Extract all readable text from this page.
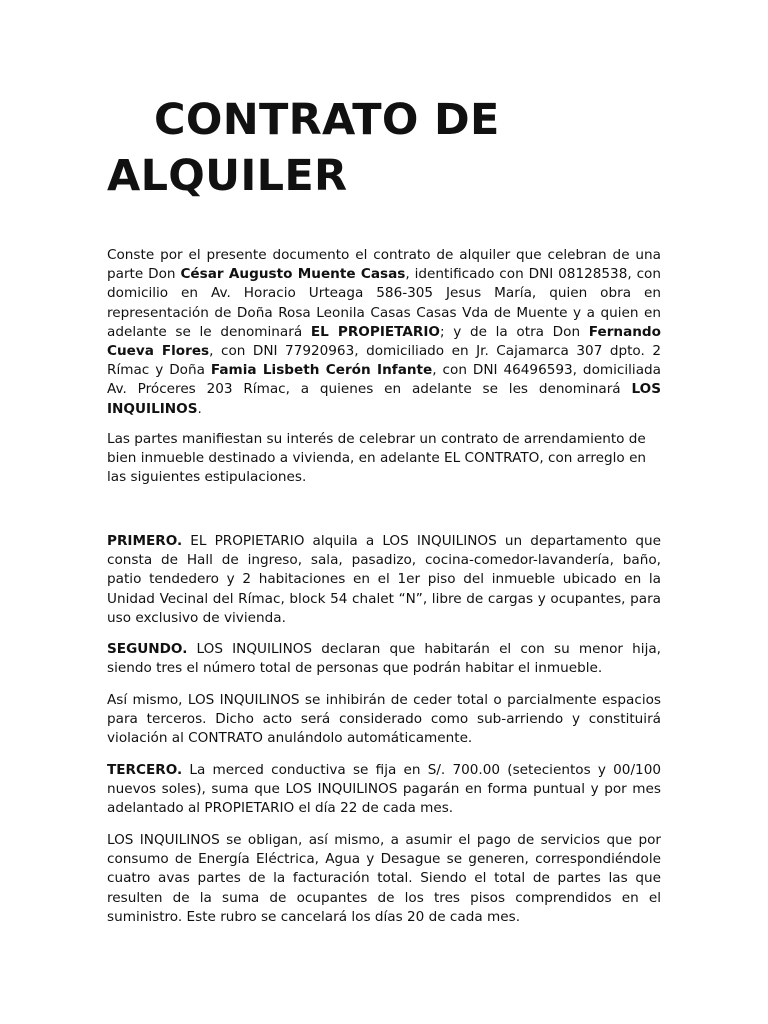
CONTRATO DE
ALQUILER

Conste por el presente documento el contrato de alquiler que celebran de una parte Don César Augusto Muente Casas, identificado con DNI 08128538, con domicilio en Av. Horacio Urteaga 586-305 Jesus María, quien obra en representación de Doña Rosa Leonila Casas Casas Vda de Muente y a quien en adelante se le denominará EL PROPIETARIO; y de la otra Don Fernando Cueva Flores, con DNI 77920963, domiciliado en Jr. Cajamarca 307 dpto. 2 Rímac y Doña Famia Lisbeth Cerón Infante, con DNI 46496593, domiciliada Av. Próceres 203 Rímac, a quienes en adelante se les denominará LOS INQUILINOS.

Las partes manifiestan su interés de celebrar un contrato de arrendamiento de bien inmueble destinado a vivienda, en adelante EL CONTRATO, con arreglo en las siguientes estipulaciones.

PRIMERO. EL PROPIETARIO alquila a LOS INQUILINOS un departamento que consta de Hall de ingreso, sala, pasadizo, cocina-comedor-lavandería, baño, patio tendedero y 2 habitaciones en el 1er piso del inmueble ubicado en la Unidad Vecinal del Rímac, block 54 chalet “N”, libre de cargas y ocupantes, para uso exclusivo de vivienda.

SEGUNDO. LOS INQUILINOS declaran que habitarán el con su menor hija, siendo tres el número total de personas que podrán habitar el inmueble.

Así mismo, LOS INQUILINOS se inhibirán de ceder total o parcialmente espacios para terceros. Dicho acto será considerado como sub-arriendo y constituirá violación al CONTRATO anulándolo automáticamente.

TERCERO. La merced conductiva se fija en S/. 700.00 (setecientos y 00/100 nuevos soles), suma que LOS INQUILINOS pagarán en forma puntual y por mes adelantado al PROPIETARIO el día 22 de cada mes.

LOS INQUILINOS se obligan, así mismo, a asumir el pago de servicios que por consumo de Energía Eléctrica, Agua y Desague se generen, correspondiéndole cuatro avas partes de la facturación total. Siendo el total de partes las que resulten de la suma de ocupantes de los tres pisos comprendidos en el suministro. Este rubro se cancelará los días 20 de cada mes.
